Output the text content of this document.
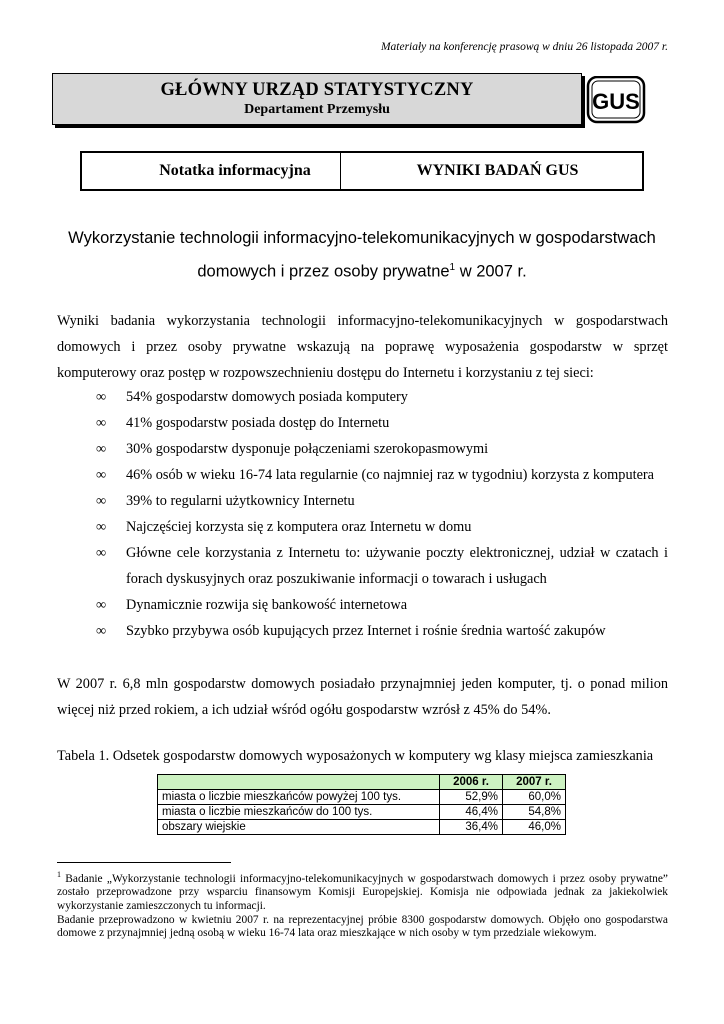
Materiały na konferencję prasową w dniu 26 listopada 2007 r.
GŁÓWNY URZĄD STATYSTYCZNY
Departament Przemysłu	GUS
Notatka informacyjna	WYNIKI BADAŃ GUS
Wykorzystanie technologii informacyjno-telekomunikacyjnych w gospodarstwach
domowych i przez osoby prywatne$^1$ w 2007 r.
Wyniki badania wykorzystania technologii informacyjno-telekomunikacyjnych w gospodarstwach domowych i przez osoby prywatne wskazują na poprawę wyposażenia gospodarstw w sprzęt komputerowy oraz postęp w rozpowszechnieniu dostępu do Internetu i korzystaniu z tej sieci:
∞ 54% gospodarstw domowych posiada komputery
∞ 41% gospodarstw posiada dostęp do Internetu
∞ 30% gospodarstw dysponuje połączeniami szerokopasmowymi
∞ 46% osób w wieku 16-74 lata regularnie (co najmniej raz w tygodniu) korzysta z komputera
∞ 39% to regularni użytkownicy Internetu
∞ Najczęściej korzysta się z komputera oraz Internetu w domu
∞ Główne cele korzystania z Internetu to: używanie poczty elektronicznej, udział w czatach i forach dyskusyjnych oraz poszukiwanie informacji o towarach i usługach
∞ Dynamicznie rozwija się bankowość internetowa
∞ Szybko przybywa osób kupujących przez Internet i rośnie średnia wartość zakupów
W 2007 r. 6,8 mln gospodarstw domowych posiadało przynajmniej jeden komputer, tj. o ponad milion więcej niż przed rokiem, a ich udział wśród ogółu gospodarstw wzrósł z 45% do 54%.
Tabela 1. Odsetek gospodarstw domowych wyposażonych w komputery wg klasy miejsca zamieszkania
	2006 r.	2007 r.
miasta o liczbie mieszkańców powyżej 100 tys.	52,9%	60,0%
miasta o liczbie mieszkańców do 100 tys.	46,4%	54,8%
obszary wiejskie	36,4%	46,0%
$^1$ Badanie „Wykorzystanie technologii informacyjno-telekomunikacyjnych w gospodarstwach domowych i przez osoby prywatne” zostało przeprowadzone przy wsparciu finansowym Komisji Europejskiej. Komisja nie odpowiada jednak za jakiekolwiek wykorzystanie zamieszczonych tu informacji.
Badanie przeprowadzono w kwietniu 2007 r. na reprezentacyjnej próbie 8300 gospodarstw domowych. Objęło ono gospodarstwa domowe z przynajmniej jedną osobą w wieku 16-74 lata oraz mieszkające w nich osoby w tym przedziale wiekowym.
